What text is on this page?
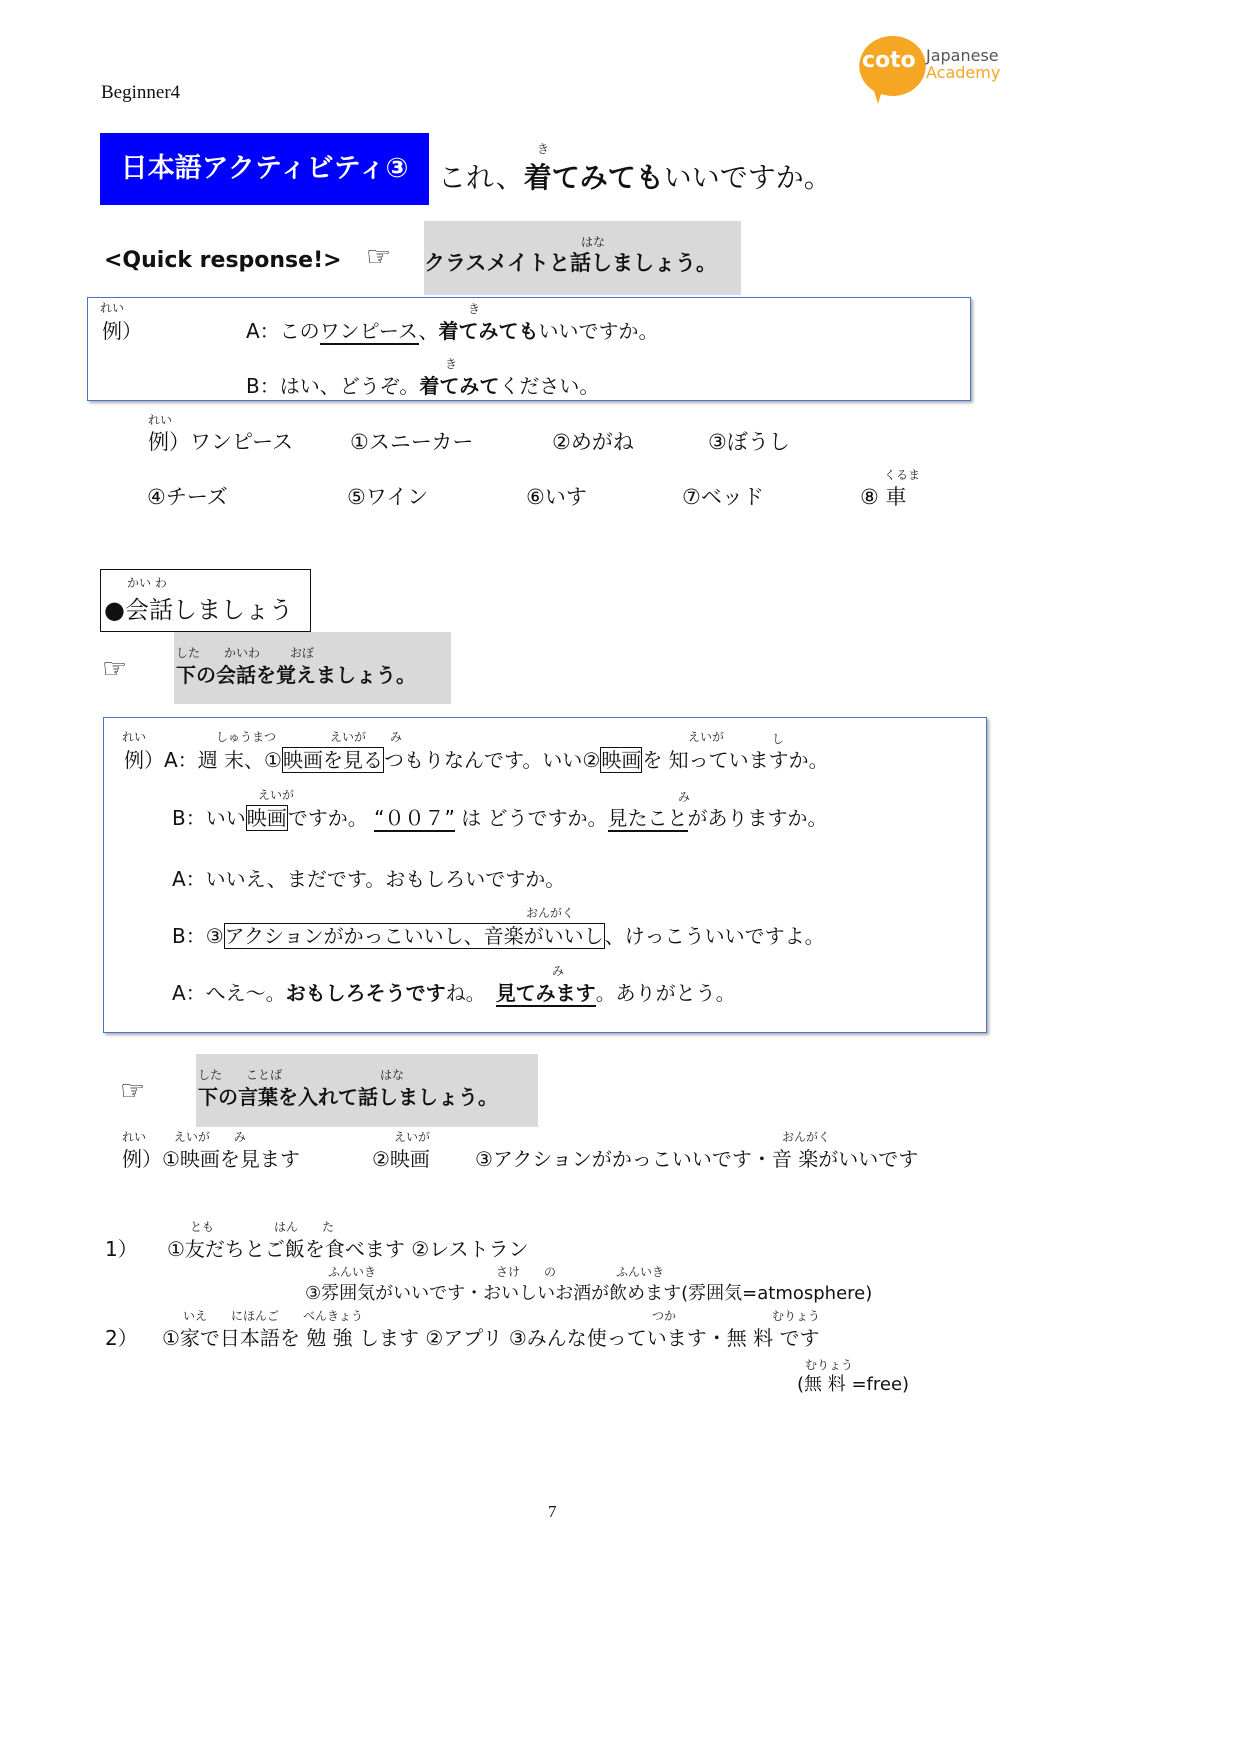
Beginner4
coto Japanese
Academy
日本語アクティビティ③
き
これ、着てみてもいいですか。
<Quick response!> ☞	はな
クラスメイトと話しましょう。
れい
例）
き
A：このワンピース、着てみてもいいですか。
き
B：はい、どうぞ。着てみてください。
れい
例）ワンピース	①スニーカー	②めがね	③ぼうし
④チーズ	⑤ワイン	⑥いす	⑦ベッド
くるま
⑧ 車
かい わ
●会話しましょう
☞	した かいわ おぼ
下の会話を覚えましょう。
れい	しゅうまつ	えいが　　み	えいが	し
例）A：週 末、①映画を見るつもりなんです。いい②映画を 知っていますか。
えいが	み
B：いい映画ですか。 “００７” は どうですか。見たことがありますか。
A：いいえ、まだです。おもしろいですか。
おんがく
B：③アクションがかっこいいし、音楽がいいし、けっこういいですよ。
み
A：へえ～。おもしろそうですね。　 見てみます。ありがとう。
☞	した ことば	はな
下の言葉を入れて話しましょう。
れい　　 えいが　　み
例）①映画を見ます
えいが
②映画
おんがく
③アクションがかっこいいです・音 楽がいいです
1）
とも　　　　　はん　　た
①友だちとご飯を食べます ②レストラン
ふんいき　　　　　　　　　　さけ　　の　　　　　ふんいき
③雰囲気がいいです・おいしいお酒が飲めます(雰囲気=atmosphere)
2）
いえ　　にほんご　　べんきょう	つか　　　　　　　　むりょう
①家で日本語を 勉 強 します ②アプリ ③みんな使っています・無 料 です
むりょう
(無 料 =free)
7
